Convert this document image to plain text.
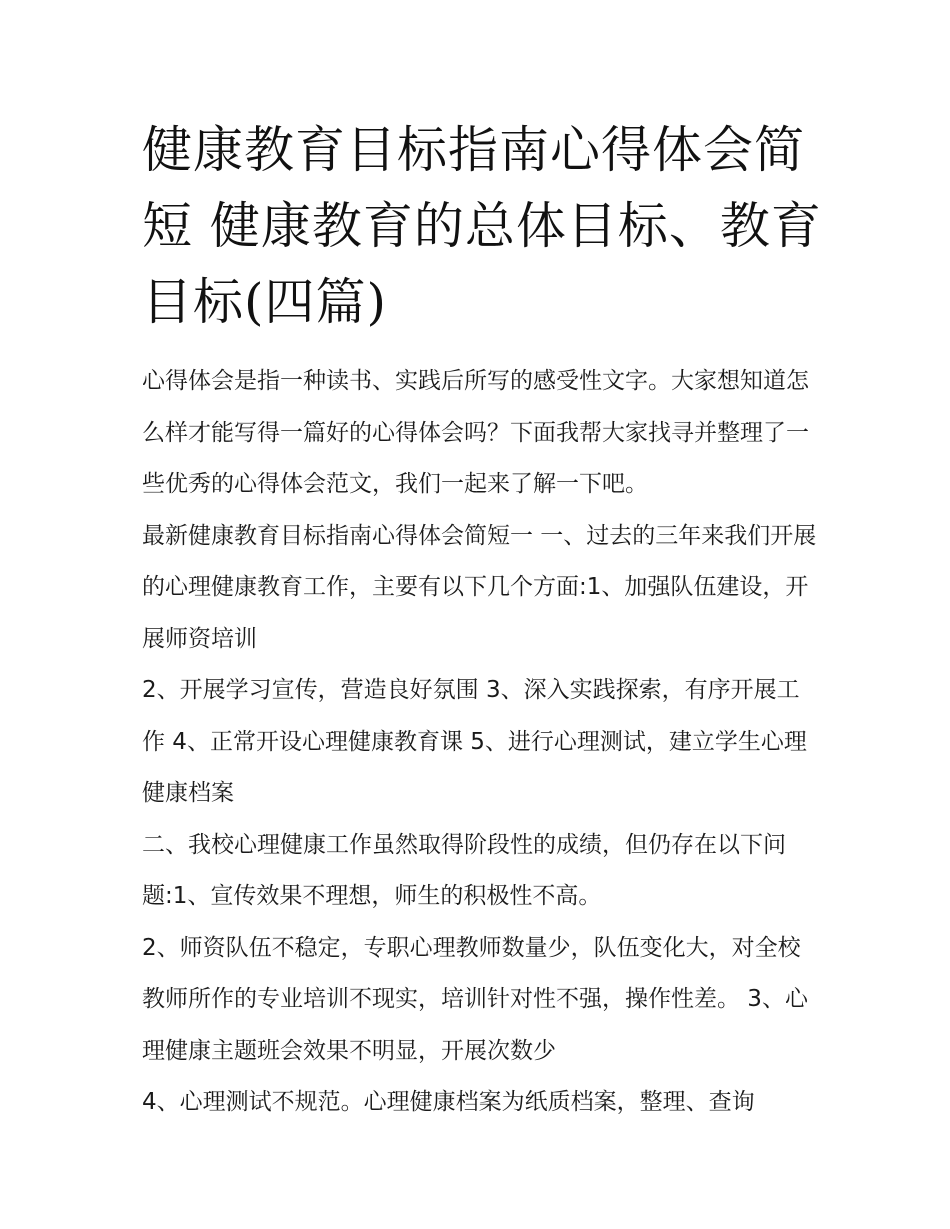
健康教育目标指南心得体会简短 健康教育的总体目标、教育目标(四篇)

心得体会是指一种读书、实践后所写的感受性文字。大家想知道怎么样才能写得一篇好的心得体会吗？下面我帮大家找寻并整理了一些优秀的心得体会范文，我们一起来了解一下吧。

最新健康教育目标指南心得体会简短一 一、过去的三年来我们开展的心理健康教育工作，主要有以下几个方面:1、加强队伍建设，开展师资培训

2、开展学习宣传，营造良好氛围 3、深入实践探索，有序开展工作 4、正常开设心理健康教育课 5、进行心理测试，建立学生心理健康档案

二、我校心理健康工作虽然取得阶段性的成绩，但仍存在以下问题:1、宣传效果不理想，师生的积极性不高。

2、师资队伍不稳定，专职心理教师数量少，队伍变化大，对全校教师所作的专业培训不现实，培训针对性不强，操作性差。 3、心理健康主题班会效果不明显，开展次数少

4、心理测试不规范。心理健康档案为纸质档案，整理、查询
